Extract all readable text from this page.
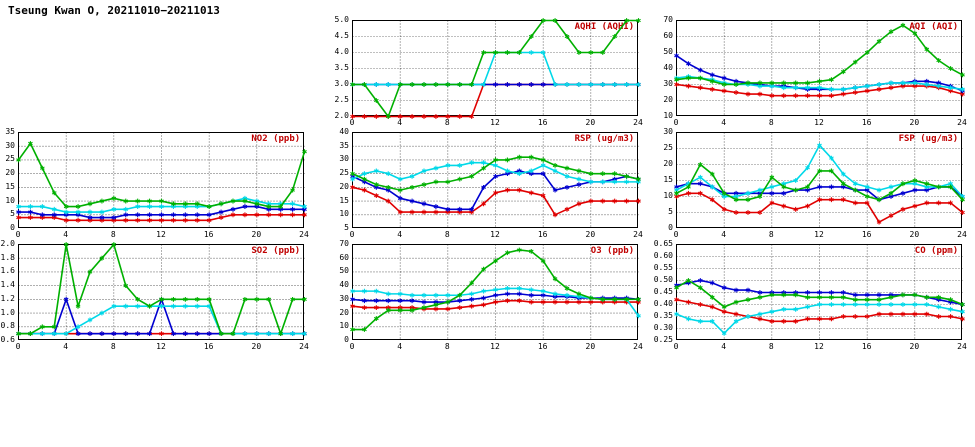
Tseung Kwan O, 20211010−20211013
AQHI (AQHI)
2.0
2.5
3.0
3.5
4.0
4.5
5.0
0	4	8	12	16	20	24
AQI (AQI)
10
20
30
40
50
60
70
0	4	8	12	16	20	24
NO2 (ppb)
0
5
10
15
20
25
30
35
0	4	8	12	16	20	24
RSP (ug/m3)
5
10
15
20
25
30
35
40
0	4	8	12	16	20	24
FSP (ug/m3)
0
5
10
15
20
25
30
0	4	8	12	16	20	24
SO2 (ppb)
0.6
0.8
1.0
1.2
1.4
1.6
1.8
2.0
0	4	8	12	16	20	24
O3 (ppb)
0
10
20
30
40
50
60
70
0	4	8	12	16	20	24
CO (ppm)
0.25
0.30
0.35
0.40
0.45
0.50
0.55
0.60
0.65
0	4	8	12	16	20	24
